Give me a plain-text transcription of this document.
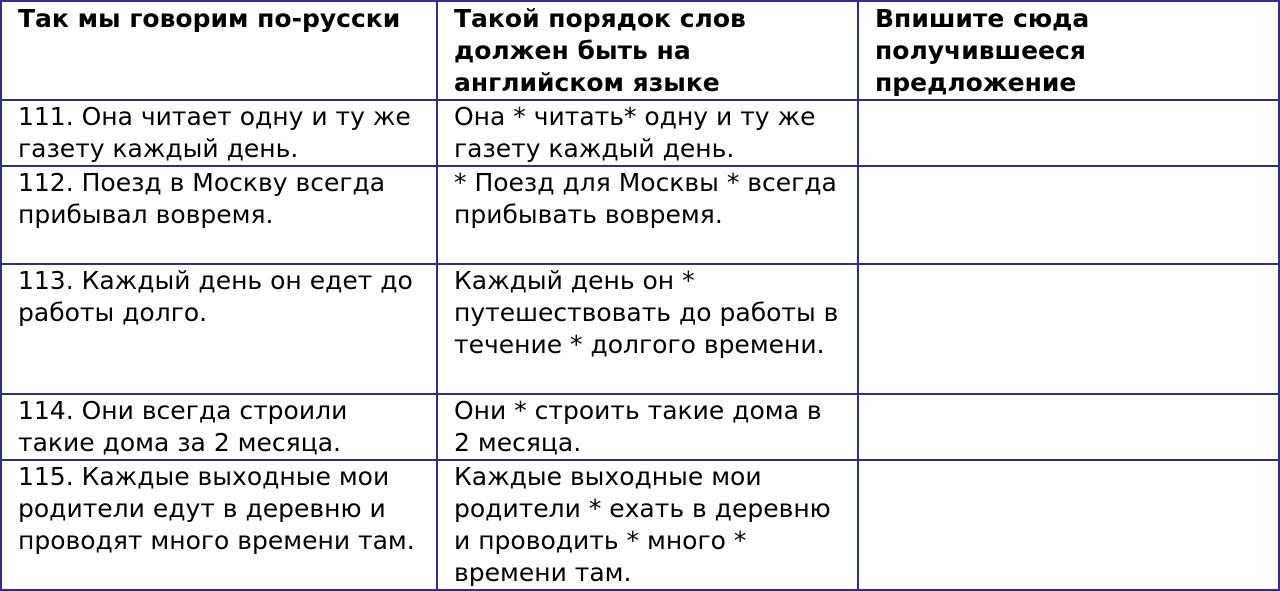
Так мы говорим по-русски	Такой порядок слов должен быть на английском языке	Впишите сюда получившееся предложение
111. Она читает одну и ту же газету каждый день.	Она * читать* одну и ту же газету каждый день.	
112. Поезд в Москву всегда прибывал вовремя.	* Поезд для Москвы * всегда прибывать вовремя.	
113. Каждый день он едет до работы долго.	Каждый день он * путешествовать до работы в течение * долгого времени.	
114. Они всегда строили такие дома за 2 месяца.	Они * строить такие дома в 2 месяца.	
115. Каждые выходные мои родители едут в деревню и проводят много времени там.	Каждые выходные мои родители * ехать в деревню и проводить * много * времени там.	
